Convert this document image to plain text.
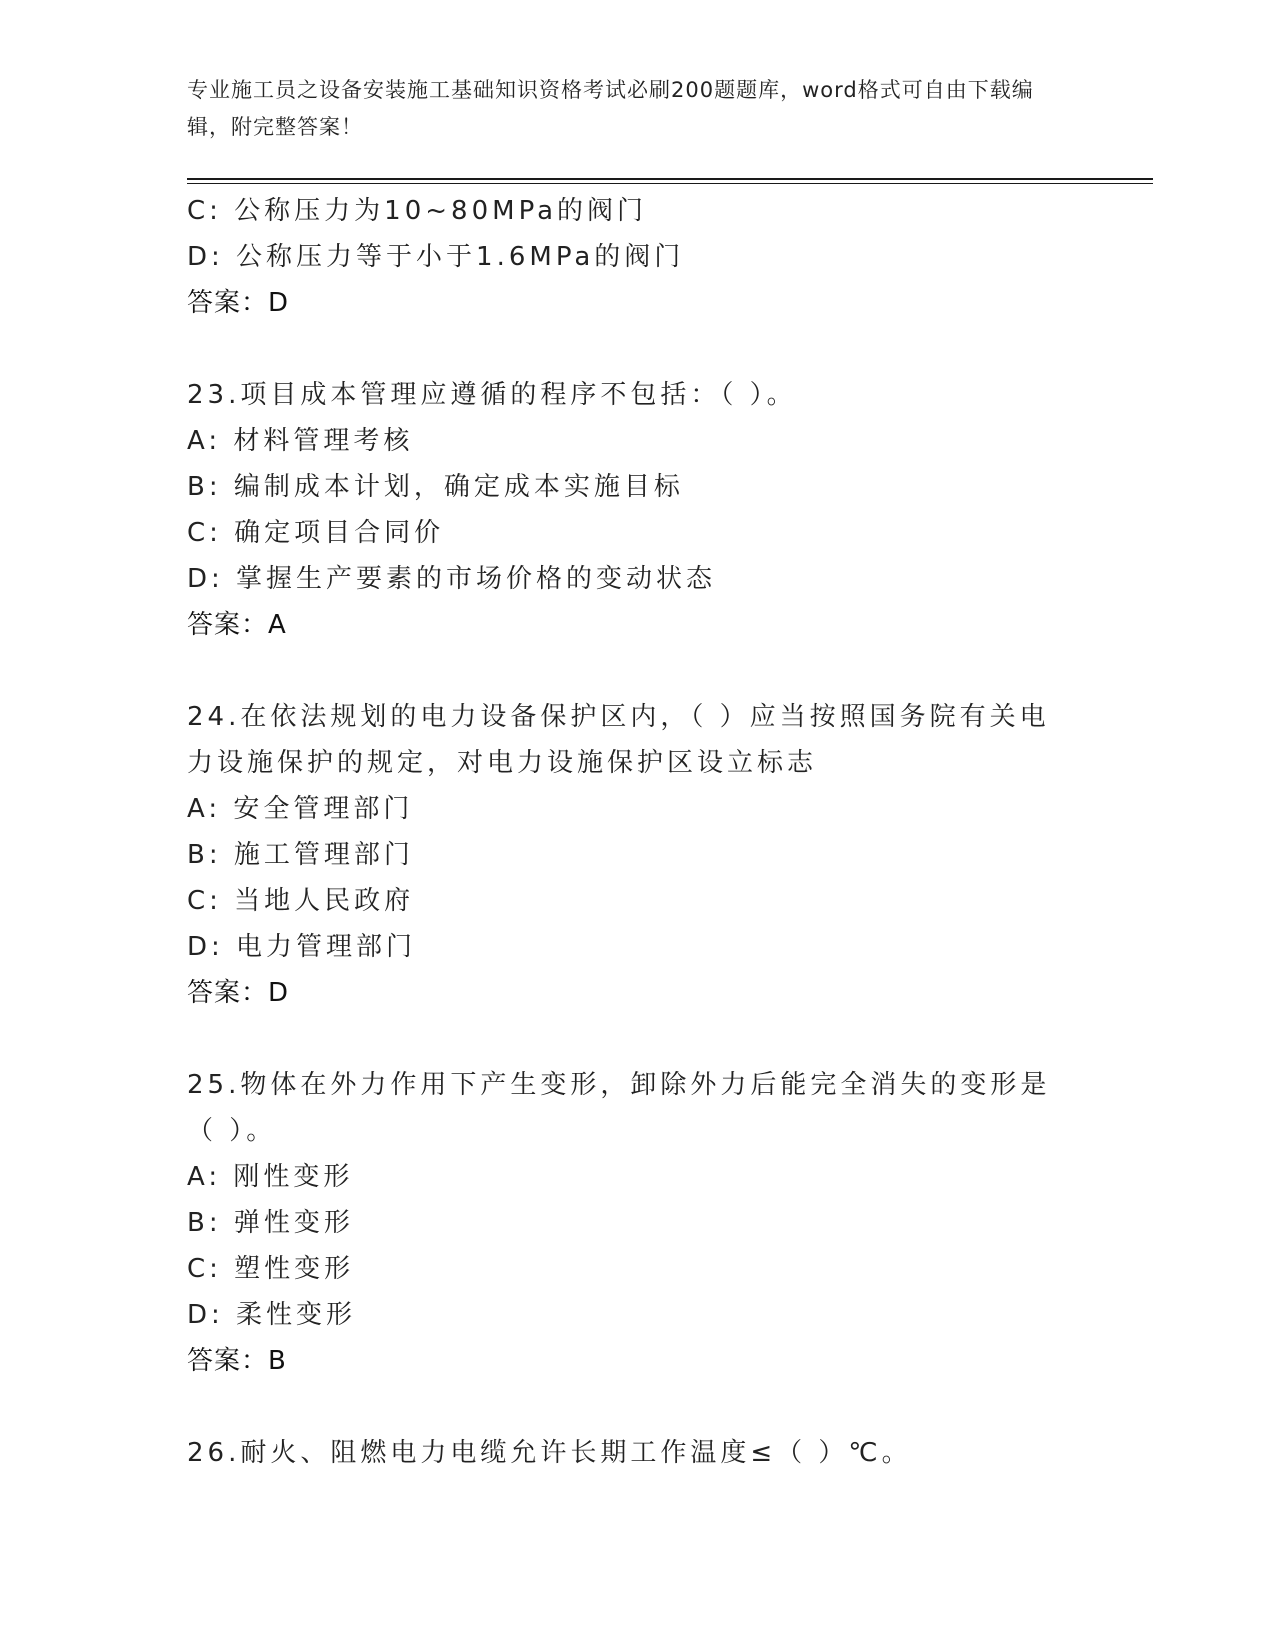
专业施工员之设备安装施工基础知识资格考试必刷200题题库，word格式可自由下载编辑，附完整答案！
C: 公称压力为10~80MPa的阀门
D: 公称压力等于小于1.6MPa的阀门
答案：D
23.项目成本管理应遵循的程序不包括：（ ）。
A: 材料管理考核
B: 编制成本计划，确定成本实施目标
C: 确定项目合同价
D: 掌握生产要素的市场价格的变动状态
答案：A
24.在依法规划的电力设备保护区内，（ ）应当按照国务院有关电力设施保护的规定，对电力设施保护区设立标志
A: 安全管理部门
B: 施工管理部门
C: 当地人民政府
D: 电力管理部门
答案：D
25.物体在外力作用下产生变形，卸除外力后能完全消失的变形是（ ）。
A: 刚性变形
B: 弹性变形
C: 塑性变形
D: 柔性变形
答案：B
26.耐火、阻燃电力电缆允许长期工作温度≤（ ）℃。
